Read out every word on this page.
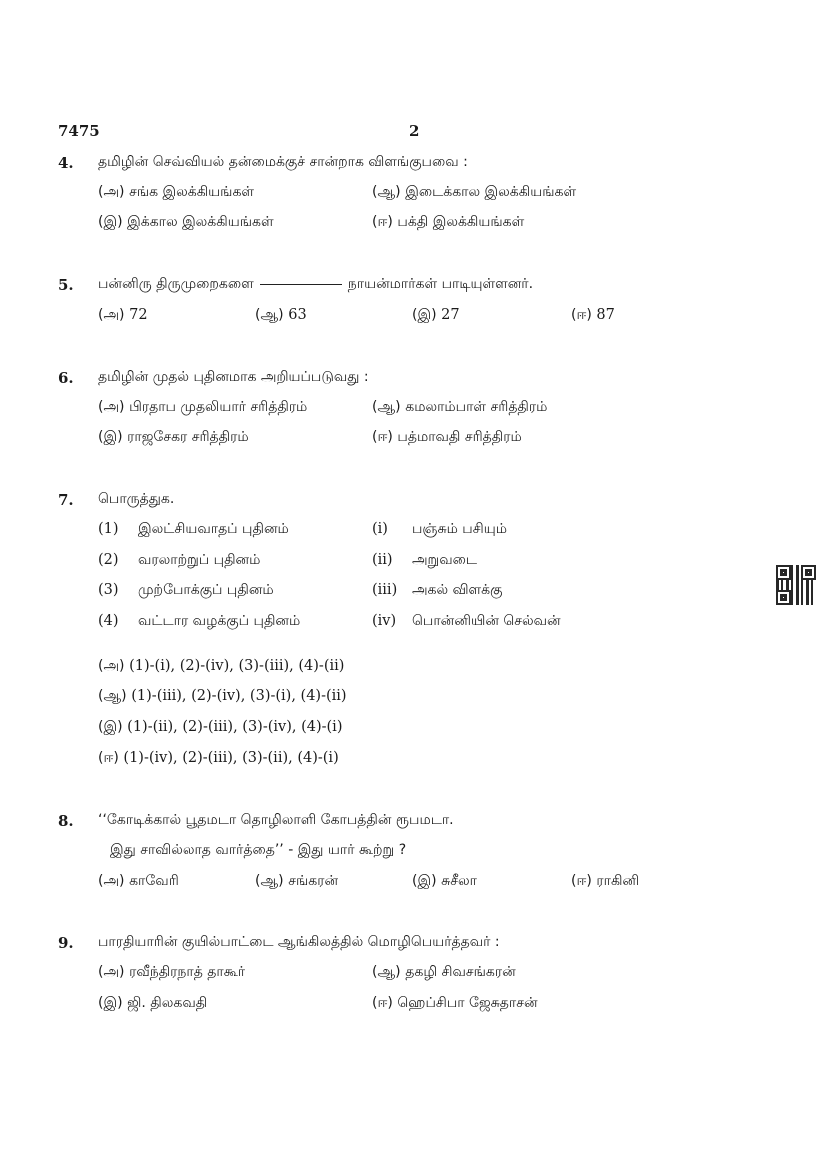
7475	2
4. தமிழின் செவ்வியல் தன்மைக்குச் சான்றாக விளங்குபவை :
(அ) சங்க இலக்கியங்கள்	(ஆ) இடைக்கால இலக்கியங்கள்
(இ) இக்கால இலக்கியங்கள்	(ஈ) பக்தி இலக்கியங்கள்
5. பன்னிரு திருமுறைகளை	நாயன்மார்கள் பாடியுள்ளனர்.
(அ) 72	(ஆ) 63	(இ) 27	(ஈ) 87
6. தமிழின் முதல் புதினமாக அறியப்படுவது :
(அ) பிரதாப முதலியார் சரித்திரம்	(ஆ) கமலாம்பாள் சரித்திரம்
(இ) ராஜசேகர சரித்திரம்	(ஈ) பத்மாவதி சரித்திரம்
7. பொருத்துக.
(1) இலட்சியவாதப் புதினம்	(i) பஞ்சும் பசியும்
(2) வரலாற்றுப் புதினம்	(ii) அறுவடை
(3) முற்போக்குப் புதினம்	(iii) அகல் விளக்கு
(4) வட்டார வழக்குப் புதினம்	(iv) பொன்னியின் செல்வன்
(அ) (1)-(i), (2)-(iv), (3)-(iii), (4)-(ii)
(ஆ) (1)-(iii), (2)-(iv), (3)-(i), (4)-(ii)
(இ) (1)-(ii), (2)-(iii), (3)-(iv), (4)-(i)
(ஈ) (1)-(iv), (2)-(iii), (3)-(ii), (4)-(i)
8. ‘‘கோடிக்கால் பூதமடா தொழிலாளி கோபத்தின் ரூபமடா.
இது சாவில்லாத வார்த்தை’’ - இது யார் கூற்று ?
(அ) காவேரி	(ஆ) சங்கரன்	(இ) சுசீலா	(ஈ) ராகினி
9. பாரதியாரின் குயில்பாட்டை ஆங்கிலத்தில் மொழிபெயர்த்தவர் :
(அ) ரவீந்திரநாத் தாகூர்	(ஆ) தகழி சிவசங்கரன்
(இ) ஜி. திலகவதி	(ஈ) ஹெப்சிபா ஜேசுதாசன்
